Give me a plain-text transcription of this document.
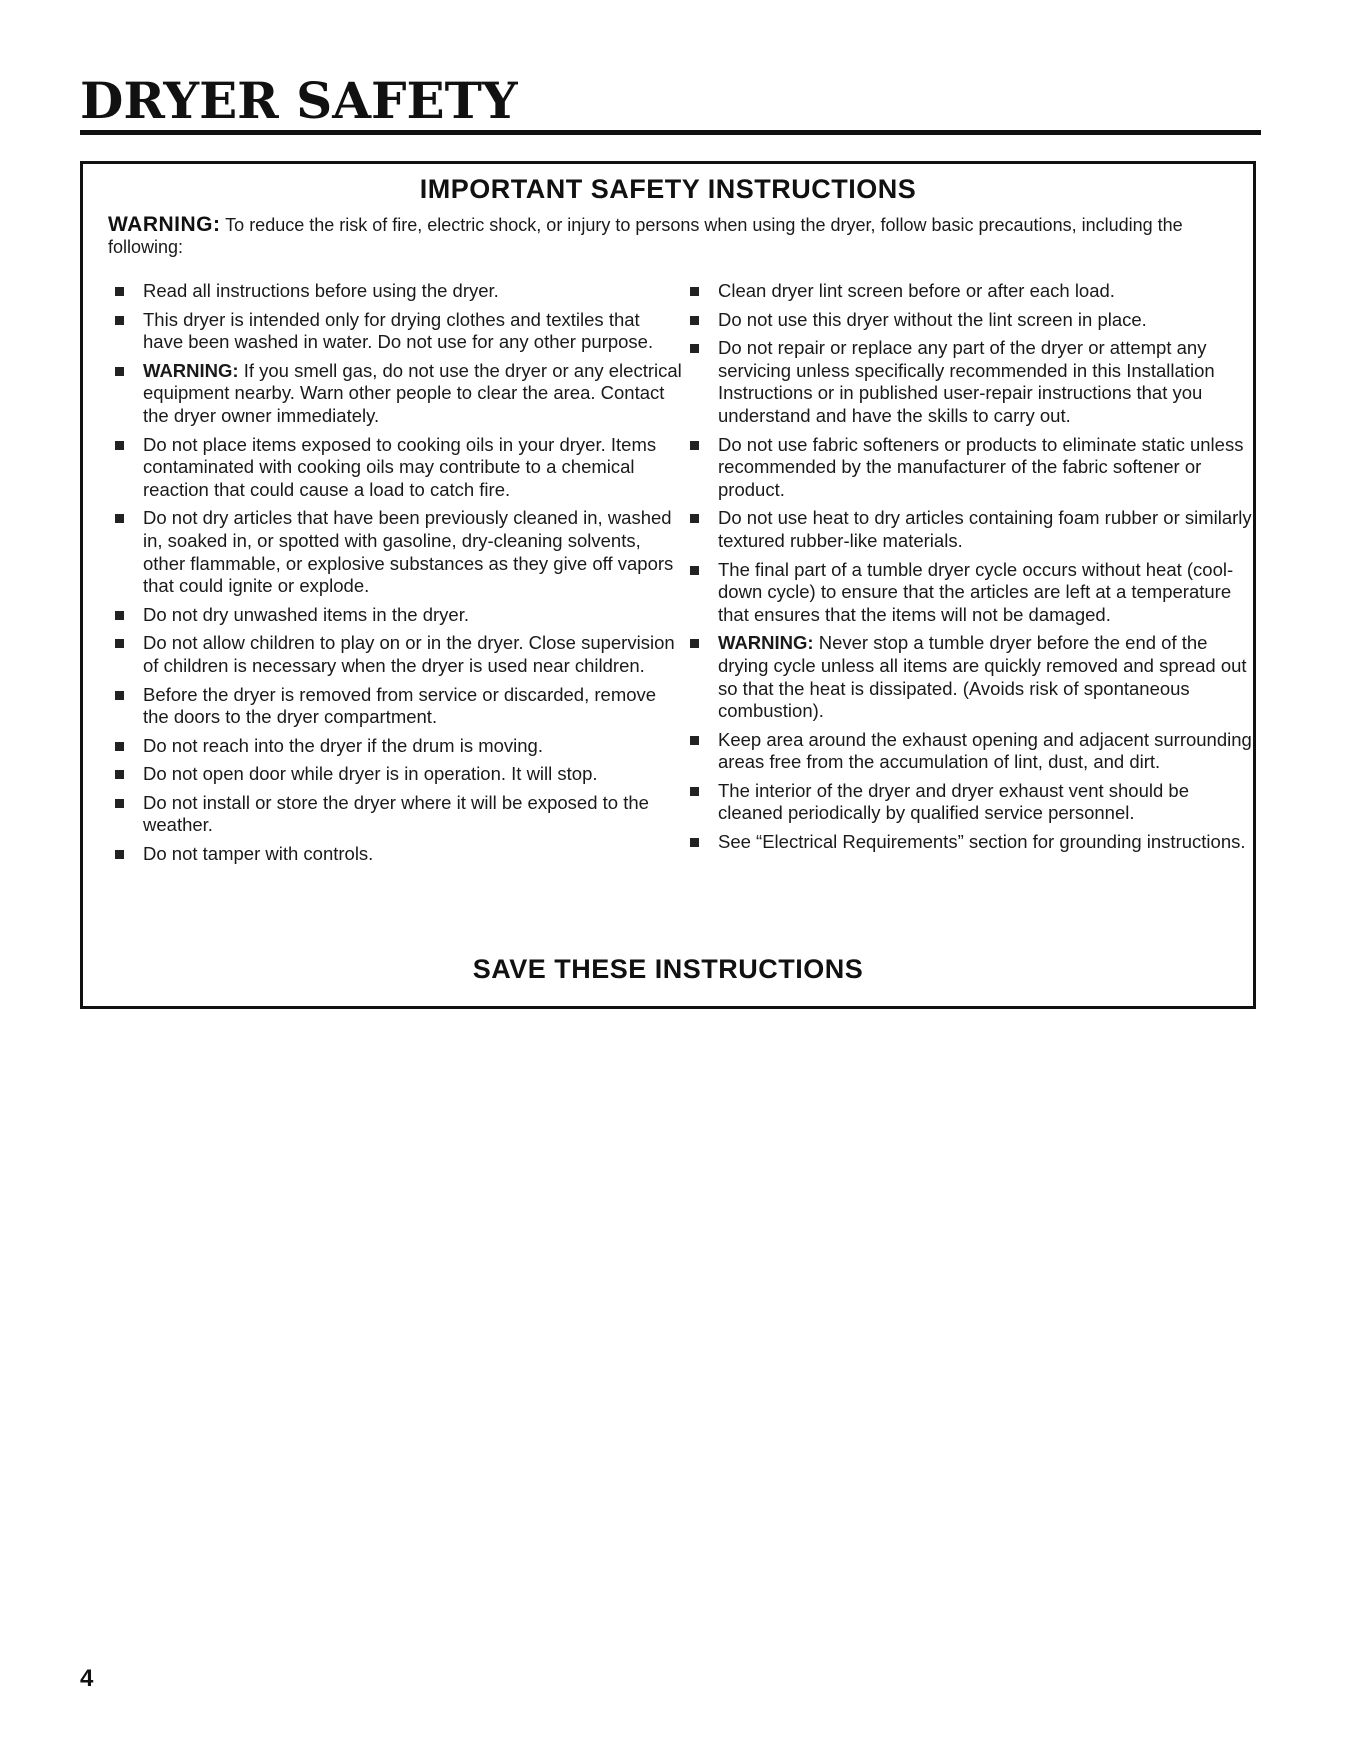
DRYER SAFETY
IMPORTANT SAFETY INSTRUCTIONS
WARNING: To reduce the risk of fire, electric shock, or injury to persons when using the dryer, follow basic precautions, including the following:
Read all instructions before using the dryer.
This dryer is intended only for drying clothes and textiles that have been washed in water. Do not use for any other purpose.
WARNING: If you smell gas, do not use the dryer or any electrical equipment nearby. Warn other people to clear the area. Contact the dryer owner immediately.
Do not place items exposed to cooking oils in your dryer. Items contaminated with cooking oils may contribute to a chemical reaction that could cause a load to catch fire.
Do not dry articles that have been previously cleaned in, washed in, soaked in, or spotted with gasoline, dry-cleaning solvents, other flammable, or explosive substances as they give off vapors that could ignite or explode.
Do not dry unwashed items in the dryer.
Do not allow children to play on or in the dryer. Close supervision of children is necessary when the dryer is used near children.
Before the dryer is removed from service or discarded, remove the doors to the dryer compartment.
Do not reach into the dryer if the drum is moving.
Do not open door while dryer is in operation. It will stop.
Do not install or store the dryer where it will be exposed to the weather.
Do not tamper with controls.
Clean dryer lint screen before or after each load.
Do not use this dryer without the lint screen in place.
Do not repair or replace any part of the dryer or attempt any servicing unless specifically recommended in this Installation Instructions or in published user-repair instructions that you understand and have the skills to carry out.
Do not use fabric softeners or products to eliminate static unless recommended by the manufacturer of the fabric softener or product.
Do not use heat to dry articles containing foam rubber or similarly textured rubber-like materials.
The final part of a tumble dryer cycle occurs without heat (cool-down cycle) to ensure that the articles are left at a temperature that ensures that the items will not be damaged.
WARNING: Never stop a tumble dryer before the end of the drying cycle unless all items are quickly removed and spread out so that the heat is dissipated. (Avoids risk of spontaneous combustion).
Keep area around the exhaust opening and adjacent surrounding areas free from the accumulation of lint, dust, and dirt.
The interior of the dryer and dryer exhaust vent should be cleaned periodically by qualified service personnel.
See “Electrical Requirements” section for grounding instructions.
SAVE THESE INSTRUCTIONS
4
